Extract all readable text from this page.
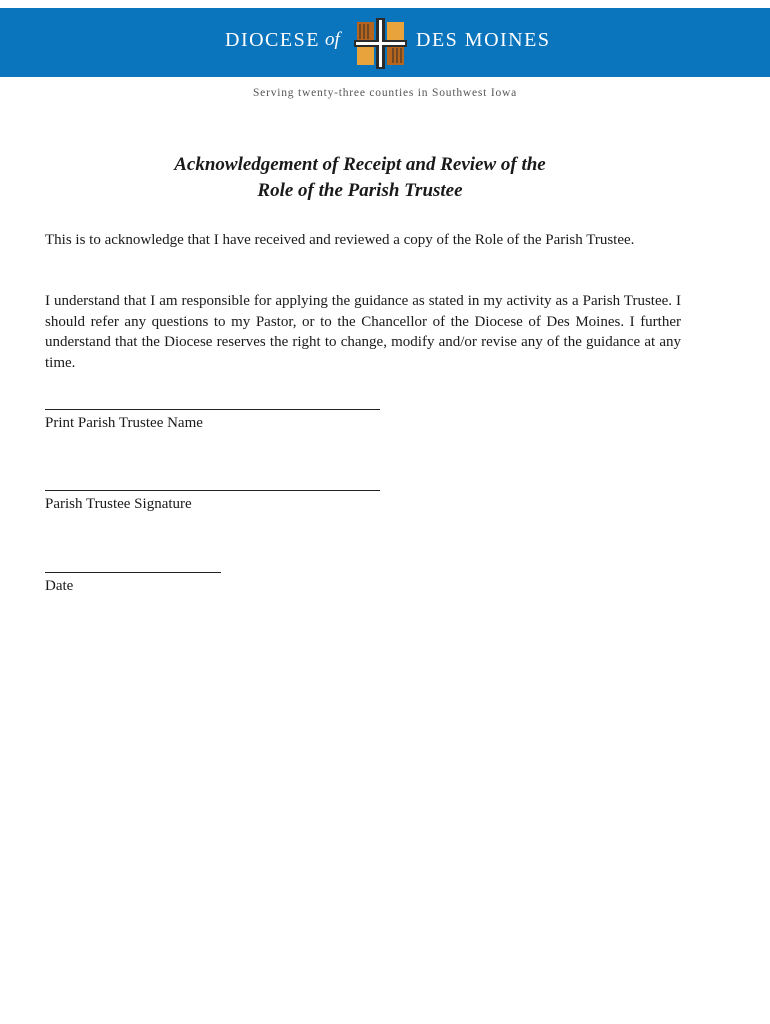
DIOCESE of	DES MOINES
Serving twenty-three counties in Southwest Iowa
Acknowledgement of Receipt and Review of the
Role of the Parish Trustee

This is to acknowledge that I have received and reviewed a copy of the Role of the Parish Trustee.

I understand that I am responsible for applying the guidance as stated in my activity as a Parish Trustee. I should refer any questions to my Pastor, or to the Chancellor of the Diocese of Des Moines. I further understand that the Diocese reserves the right to change, modify and/or revise any of the guidance at any time.

Print Parish Trustee Name
Parish Trustee Signature
Date
